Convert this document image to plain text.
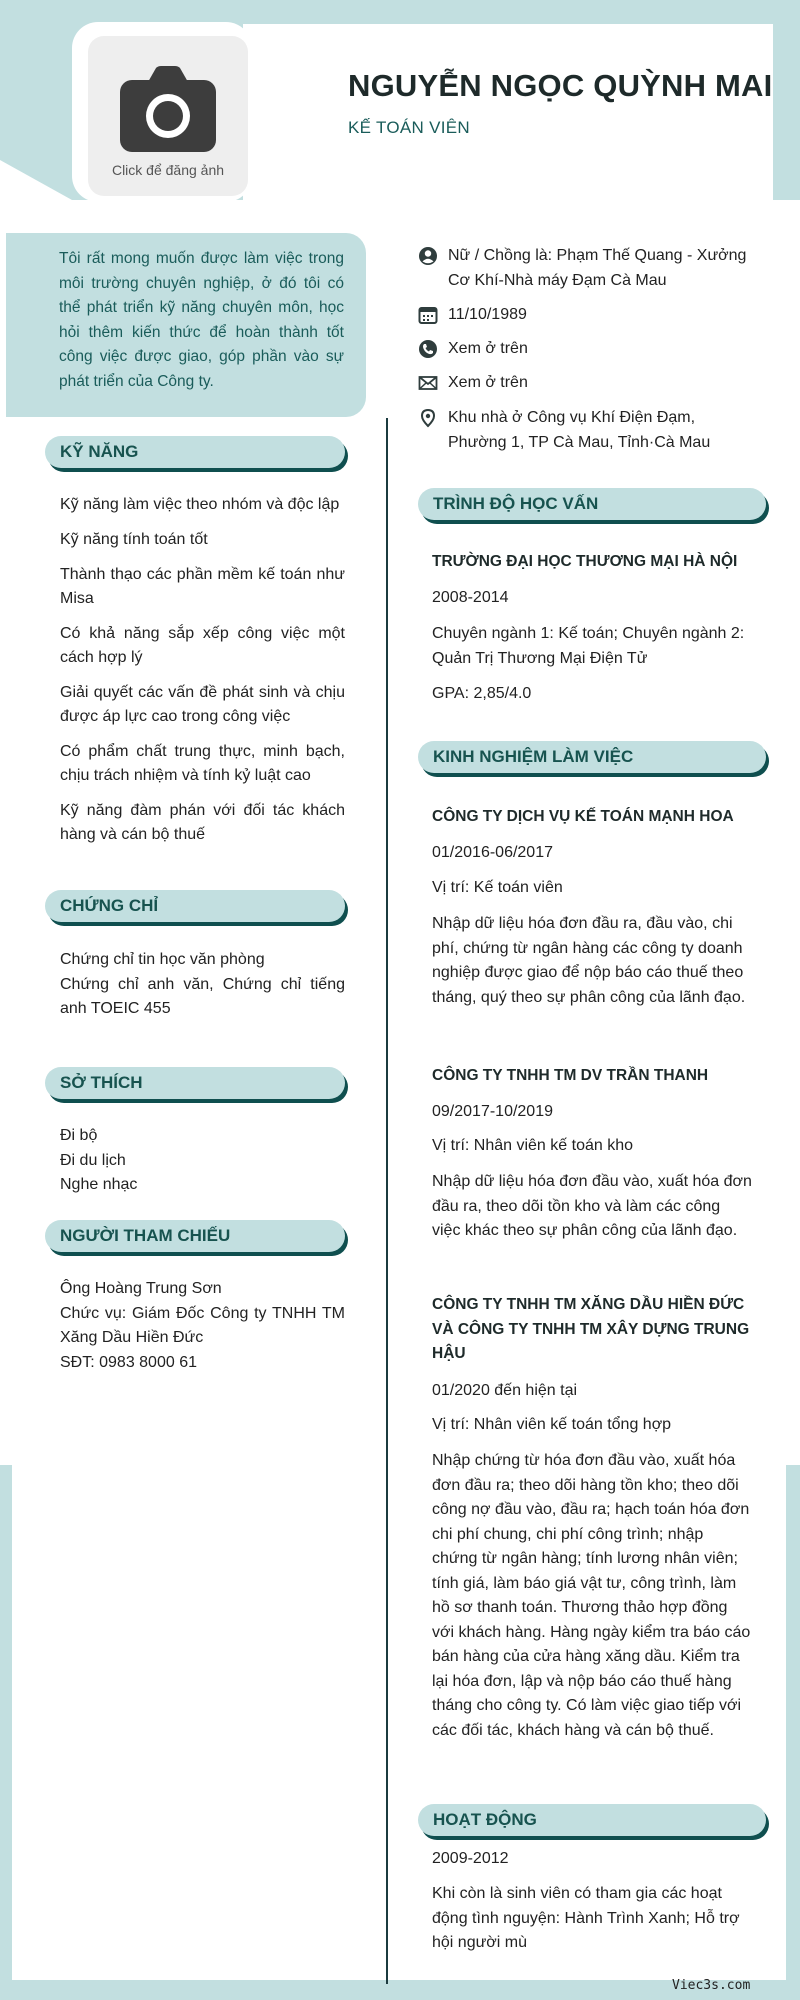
Click để đăng ảnh
NGUYỄN NGỌC QUỲNH MAI
KẾ TOÁN VIÊN

Tôi rất mong muốn được làm việc trong môi trường chuyên nghiệp, ở đó tôi có thể phát triển kỹ năng chuyên môn, học hỏi thêm kiến thức để hoàn thành tốt công việc được giao, góp phần vào sự phát triển của Công ty.

Nữ / Chồng là: Phạm Thế Quang - Xưởng Cơ Khí-Nhà máy Đạm Cà Mau
11/10/1989
Xem ở trên
Xem ở trên
Khu nhà ở Công vụ Khí Điện Đạm, Phường 1, TP Cà Mau, Tỉnh·Cà Mau
KỸ NĂNG
Kỹ năng làm việc theo nhóm và độc lập
Kỹ năng tính toán tốt
Thành thạo các phần mềm kế toán như Misa
Có khả năng sắp xếp công việc một cách hợp lý
Giải quyết các vấn đề phát sinh và chịu được áp lực cao trong công việc
Có phẩm chất trung thực, minh bạch, chịu trách nhiệm và tính kỷ luật cao
Kỹ năng đàm phán với đối tác khách hàng và cán bộ thuế
CHỨNG CHỈ
Chứng chỉ tin học văn phòng
Chứng chỉ anh văn, Chứng chỉ tiếng anh TOEIC 455
SỞ THÍCH
Đi bộ
Đi du lịch
Nghe nhạc
NGƯỜI THAM CHIẾU
Ông Hoàng Trung Sơn
Chức vụ: Giám Đốc Công ty TNHH TM Xăng Dầu Hiền Đức
SĐT: 0983 8000 61
TRÌNH ĐỘ HỌC VẤN
TRƯỜNG ĐẠI HỌC THƯƠNG MẠI HÀ NỘI
2008-2014
Chuyên ngành 1: Kế toán; Chuyên ngành 2: Quản Trị Thương Mại Điện Tử
GPA: 2,85/4.0
KINH NGHIỆM LÀM VIỆC
CÔNG TY DỊCH VỤ KẾ TOÁN MẠNH HOA
01/2016-06/2017
Vị trí: Kế toán viên
Nhập dữ liệu hóa đơn đầu ra, đầu vào, chi phí, chứng từ ngân hàng các công ty doanh nghiệp được giao để nộp báo cáo thuế theo tháng, quý theo sự phân công của lãnh đạo.
CÔNG TY TNHH TM DV TRẦN THANH
09/2017-10/2019
Vị trí: Nhân viên kế toán kho
Nhập dữ liệu hóa đơn đầu vào, xuất hóa đơn đầu ra, theo dõi tồn kho và làm các công việc khác theo sự phân công của lãnh đạo.
CÔNG TY TNHH TM XĂNG DẦU HIỀN ĐỨC VÀ CÔNG TY TNHH TM XÂY DỰNG TRUNG HẬU
01/2020 đến hiện tại
Vị trí: Nhân viên kế toán tổng hợp
Nhập chứng từ hóa đơn đầu vào, xuất hóa đơn đầu ra; theo dõi hàng tồn kho; theo dõi công nợ đầu vào, đầu ra; hạch toán hóa đơn chi phí chung, chi phí công trình; nhập chứng từ ngân hàng; tính lương nhân viên; tính giá, làm báo giá vật tư, công trình, làm hồ sơ thanh toán. Thương thảo hợp đồng với khách hàng. Hàng ngày kiểm tra báo cáo bán hàng của cửa hàng xăng dầu. Kiểm tra lại hóa đơn, lập và nộp báo cáo thuế hàng tháng cho công ty. Có làm việc giao tiếp với các đối tác, khách hàng và cán bộ thuế.
HOẠT ĐỘNG
2009-2012
Khi còn là sinh viên có tham gia các hoạt động tình nguyện: Hành Trình Xanh; Hỗ trợ hội người mù
Viec3s.com
